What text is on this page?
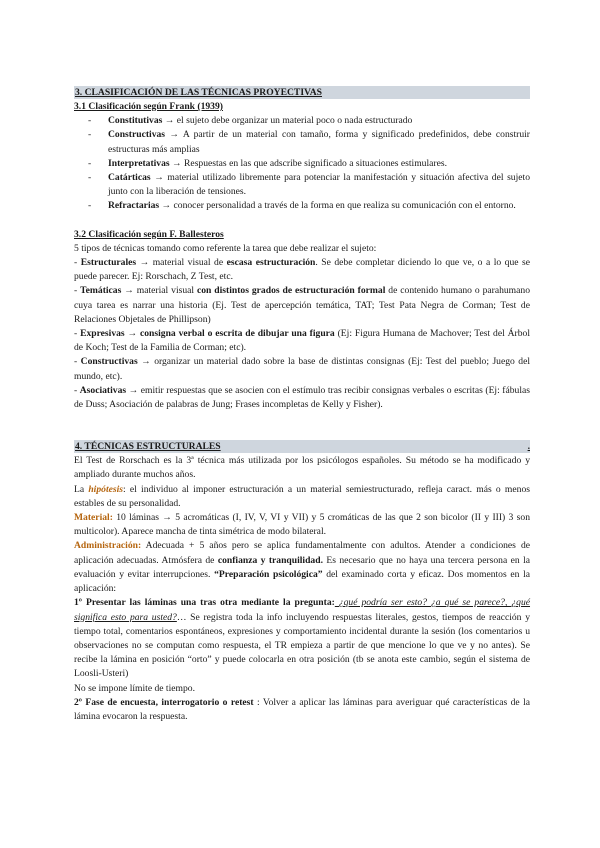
3. CLASIFICACIÓN DE LAS TÉCNICAS PROYECTIVAS
3.1 Clasificación según Frank (1939)
- Constitutivas → el sujeto debe organizar un material poco o nada estructurado
- Constructivas → A partir de un material con tamaño, forma y significado predefinidos, debe construir estructuras más amplias
- Interpretativas → Respuestas en las que adscribe significado a situaciones estimulares.
- Catárticas → material utilizado libremente para potenciar la manifestación y situación afectiva del sujeto junto con la liberación de tensiones.
- Refractarias → conocer personalidad a través de la forma en que realiza su comunicación con el entorno.
3.2 Clasificación según F. Ballesteros
5 tipos de técnicas tomando como referente la tarea que debe realizar el sujeto:
- Estructurales → material visual de escasa estructuración. Se debe completar diciendo lo que ve, o a lo que se puede parecer. Ej: Rorschach, Z Test, etc.
- Temáticas → material visual con distintos grados de estructuración formal de contenido humano o parahumano cuya tarea es narrar una historia (Ej. Test de apercepción temática, TAT; Test Pata Negra de Corman; Test de Relaciones Objetales de Phillipson)
- Expresivas → consigna verbal o escrita de dibujar una figura (Ej: Figura Humana de Machover; Test del Árbol de Koch; Test de la Familia de Corman; etc).
- Constructivas → organizar un material dado sobre la base de distintas consignas (Ej: Test del pueblo; Juego del mundo, etc).
- Asociativas → emitir respuestas que se asocien con el estímulo tras recibir consignas verbales o escritas (Ej: fábulas de Duss; Asociación de palabras de Jung; Frases incompletas de Kelly y Fisher).
4. TÉCNICAS ESTRUCTURALES	.
El Test de Rorschach es la 3ª técnica más utilizada por los psicólogos españoles. Su método se ha modificado y ampliado durante muchos años.
La hipótesis: el individuo al imponer estructuración a un material semiestructurado, refleja caract. más o menos estables de su personalidad.
Material: 10 láminas → 5 acromáticas (I, IV, V, VI y VII) y 5 cromáticas de las que 2 son bicolor (II y III) 3 son multicolor). Aparece mancha de tinta simétrica de modo bilateral.
Administración: Adecuada + 5 años pero se aplica fundamentalmente con adultos. Atender a condiciones de aplicación adecuadas. Atmósfera de confianza y tranquilidad. Es necesario que no haya una tercera persona en la evaluación y evitar interrupciones. “Preparación psicológica” del examinado corta y eficaz. Dos momentos en la aplicación:
1º Presentar las láminas una tras otra mediante la pregunta: ¿qué podría ser esto? ¿a qué se parece?, ¿qué significa esto para usted?… Se registra toda la info incluyendo respuestas literales, gestos, tiempos de reacción y tiempo total, comentarios espontáneos, expresiones y comportamiento incidental durante la sesión (los comentarios u observaciones no se computan como respuesta, el TR empieza a partir de que mencione lo que ve y no antes). Se recibe la lámina en posición “orto” y puede colocarla en otra posición (tb se anota este cambio, según el sistema de Loosli-Usteri)
No se impone límite de tiempo.
2º Fase de encuesta, interrogatorio o retest : Volver a aplicar las láminas para averiguar qué características de la lámina evocaron la respuesta.
